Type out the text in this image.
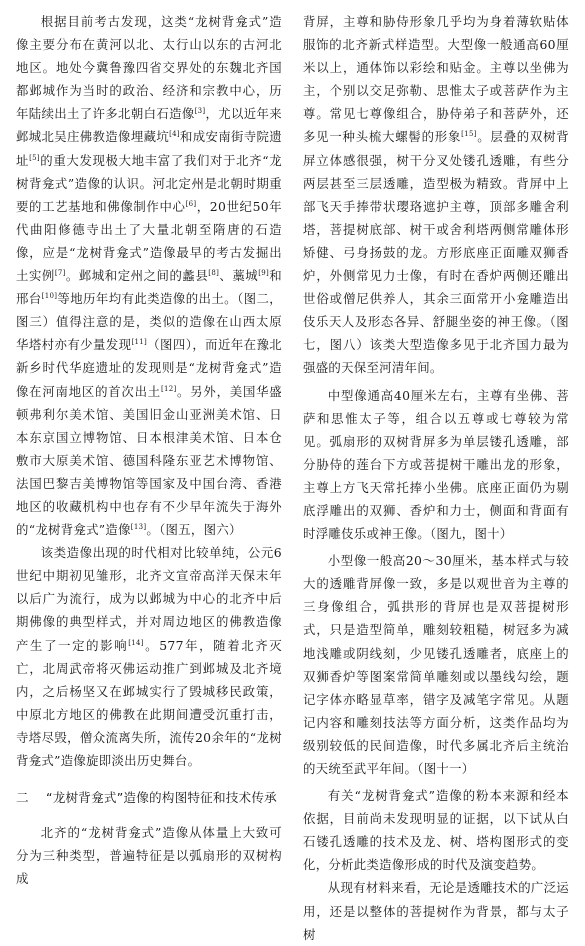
根据目前考古发现，这类“龙树背龛式”造像主要分布在黄河以北、太行山以东的古河北地区。地处今冀鲁豫四省交界处的东魏北齐国都邺城作为当时的政治、经济和宗教中心，历年陆续出土了许多北朝白石造像[3]，尤以近年来邺城北吴庄佛教造像埋藏坑[4]和成安南街寺院遗址[5]的重大发现极大地丰富了我们对于北齐“龙树背龛式”造像的认识。河北定州是北朝时期重要的工艺基地和佛像制作中心[6]，20世纪50年代曲阳修德寺出土了大量北朝至隋唐的石造像，应是“龙树背龛式”造像最早的考古发掘出土实例[7]。邺城和定州之间的蠡县[8]、藁城[9]和邢台[10]等地历年均有此类造像的出土。（图二，图三）值得注意的是，类似的造像在山西太原华塔村亦有少量发现[11]（图四），而近年在豫北新乡时代华庭遗址的发现则是“龙树背龛式”造像在河南地区的首次出土[12]。另外，美国华盛顿弗利尔美术馆、美国旧金山亚洲美术馆、日本东京国立博物馆、日本根津美术馆、日本仓敷市大原美术馆、德国科隆东亚艺术博物馆、法国巴黎吉美博物馆等国家及中国台湾、香港地区的收藏机构中也存有不少早年流失于海外的“龙树背龛式”造像[13]。（图五，图六）

该类造像出现的时代相对比较单纯，公元6世纪中期初见雏形，北齐文宣帝高洋天保末年以后广为流行，成为以邺城为中心的北齐中后期佛像的典型样式，并对周边地区的佛教造像产生了一定的影响[14]。577年，随着北齐灭亡，北周武帝将灭佛运动推广到邺城及北齐境内，之后杨坚又在邺城实行了毁城移民政策，中原北方地区的佛教在此期间遭受沉重打击，寺塔尽毁，僧众流离失所，流传20余年的“龙树背龛式”造像旋即淡出历史舞台。

二 “龙树背龛式”造像的构图特征和技术传承

北齐的“龙树背龛式”造像从体量上大致可分为三种类型，普遍特征是以弧扇形的双树构成

背屏，主尊和胁侍形象几乎均为身着薄软贴体服饰的北齐新式样造型。大型像一般通高60厘米以上，通体饰以彩绘和贴金。主尊以坐佛为主，个别以交足弥勒、思惟太子或菩萨作为主尊。常见七尊像组合，胁侍弟子和菩萨外，还多见一种头梳大螺髻的形象[15]。层叠的双树背屏立体感很强，树干分叉处镂孔透雕，有些分两层甚至三层透雕，造型极为精致。背屏中上部飞天手捧带状璎珞遮护主尊，顶部多雕舍利塔，菩提树底部、树干或舍利塔两侧常雕体形矫健、弓身扬鼓的龙。方形底座正面雕双狮香炉，外侧常见力士像，有时在香炉两侧还雕出世俗或僧尼供养人，其余三面常开小龛雕造出伎乐天人及形态各异、舒腿坐姿的神王像。（图七，图八）该类大型造像多见于北齐国力最为强盛的天保至河清年间。

中型像通高40厘米左右，主尊有坐佛、菩萨和思惟太子等，组合以五尊或七尊较为常见。弧扇形的双树背屏多为单层镂孔透雕，部分胁侍的莲台下方或菩提树干雕出龙的形象，主尊上方飞天常托捧小坐佛。底座正面仍为剔底浮雕出的双狮、香炉和力士，侧面和背面有时浮雕伎乐或神王像。（图九，图十）

小型像一般高20～30厘米，基本样式与较大的透雕背屏像一致，多是以观世音为主尊的三身像组合，弧拱形的背屏也是双菩提树形式，只是造型简单，雕刻较粗糙，树冠多为减地浅雕或阴线刻，少见镂孔透雕者，底座上的双狮香炉等图案常简单雕刻或以墨线勾绘，题记字体亦略显草率，错字及减笔字常见。从题记内容和雕刻技法等方面分析，这类作品均为级别较低的民间造像，时代多属北齐后主统治的天统至武平年间。（图十一）

有关“龙树背龛式”造像的粉本来源和经本依据，目前尚未发现明显的证据，以下试从白石镂孔透雕的技术及龙、树、塔构图形式的变化，分析此类造像形成的时代及演变趋势。

从现有材料来看，无论是透雕技术的广泛运用，还是以整体的菩提树作为背景，都与太子树
